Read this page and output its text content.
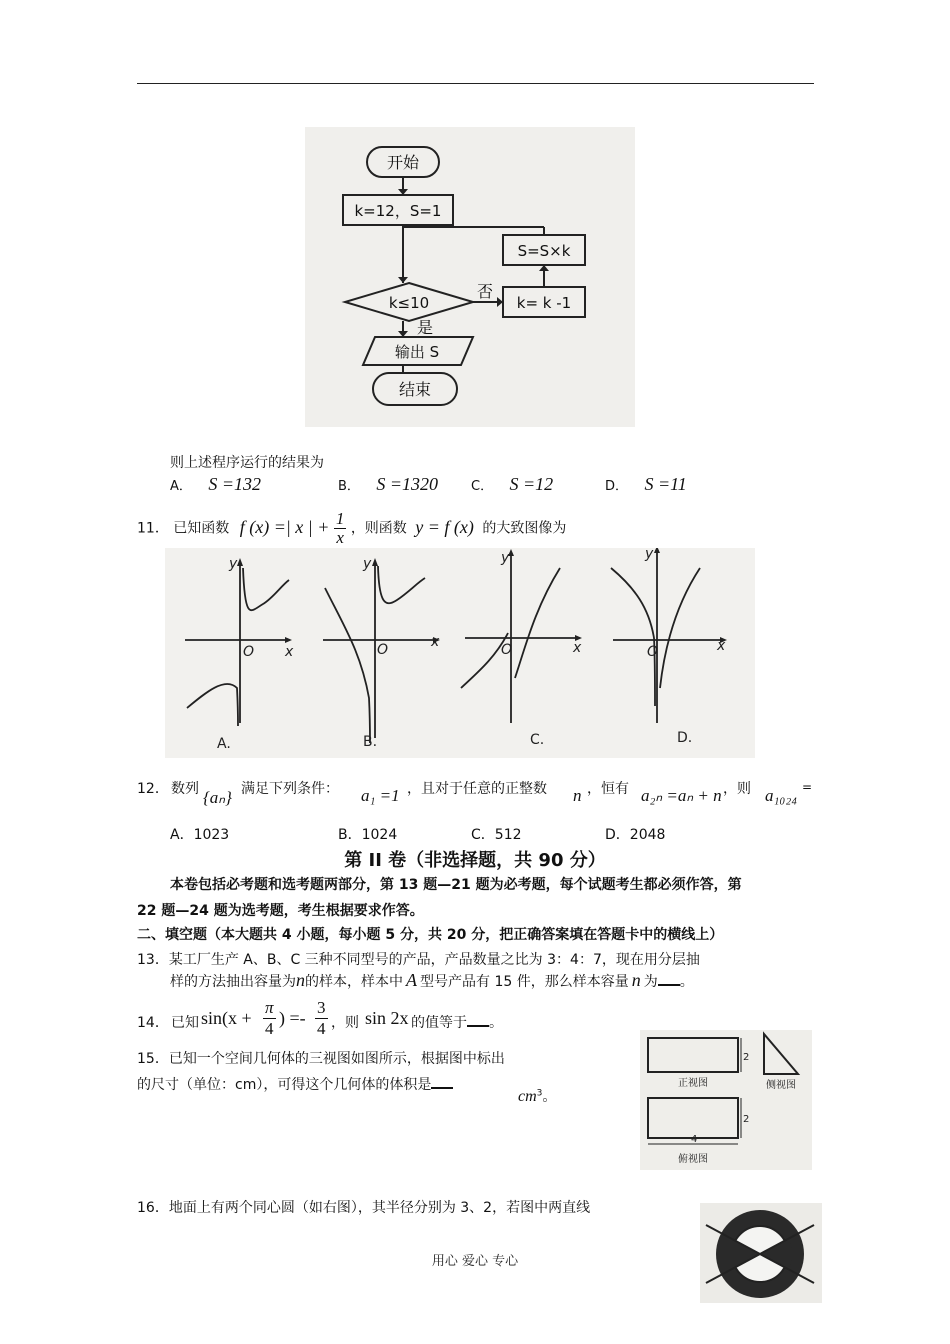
开始
k=12，S=1
S=S×k
k≤10	k= k -1
否
是
输出 S
结束
则上述程序运行的结果为
A． S =132	B． S =1320	C． S =12	D． S =11
11． 已知函数 f (x) =| x | + $\frac{1}{x}$ ，则函数 y = f (x) 的大致图像为
y
x
O
y
x
O
y
x
O
y
x
O
A.	B.	C.	D.
12． 数列 {aₙ} 满足下列条件： a₁ =1 ，且对于任意的正整数 n ，恒有 a₂ₙ =aₙ + n ，则 a₁₀₂₄ =
A．1023	B．1024	C．512	D．2048
第 II 卷（非选择题，共 90 分）
本卷包括必考题和选考题两部分，第 13 题—21 题为必考题，每个试题考生都必须作答，第
22 题—24 题为选考题，考生根据要求作答。
二、填空题（本大题共 4 小题，每小题 5 分，共 20 分，把正确答案填在答题卡中的横线上）
13．某工厂生产 A、B、C 三种不同型号的产品，产品数量之比为 3：4：7，现在用分层抽
样的方法抽出容量为n的样本，样本中 A 型号产品有 15 件，那么样本容量 n 为 。
14． 已知 $\sin(x + \frac{\pi}{4}$ ) =- $\frac{3}{4}$ ，则 sin 2x 的值等于 。
15．已知一个空间几何体的三视图如图所示，根据图中标出
的尺寸（单位：cm），可得这个几何体的体积是
$cm^3$。
正视图	侧视图
俯视图
2
2
4
16．地面上有两个同心圆（如右图），其半径分别为 3、2，若图中两直线
用心 爱心 专心
